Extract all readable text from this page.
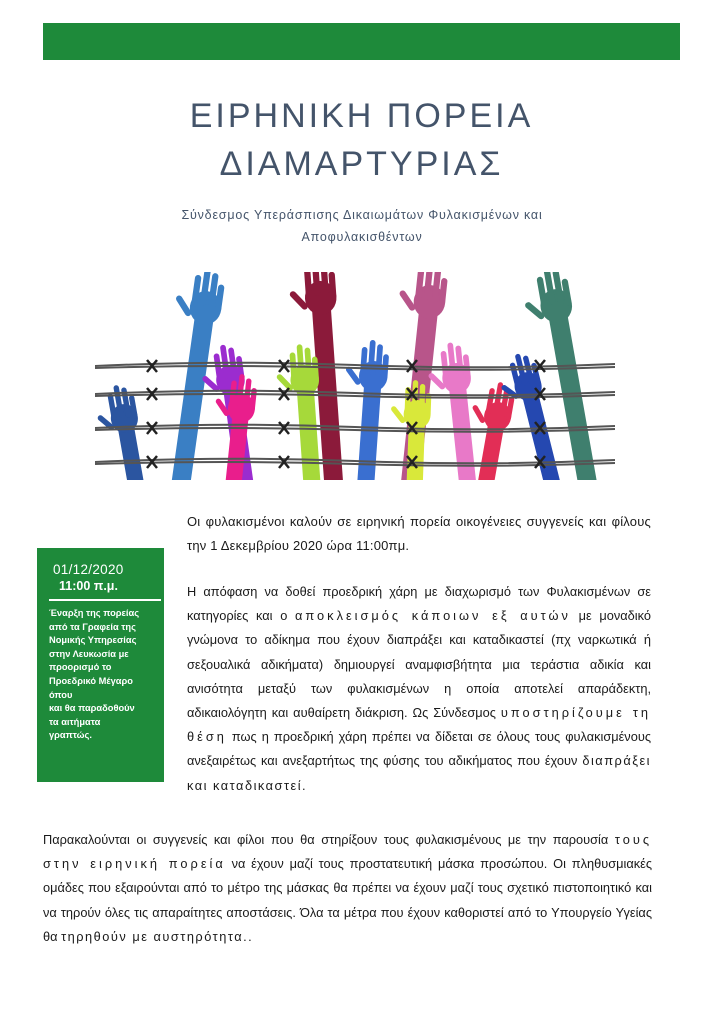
ΕΙΡΗΝΙΚΗ ΠΟΡΕΙΑ
ΔΙΑΜΑΡΤΥΡΙΑΣ
Σύνδεσμος Υπεράσπισης Δικαιωμάτων Φυλακισμένων και
Αποφυλακισθέντων
Οι φυλακισμένοι καλούν σε ειρηνική πορεία οικογένειες συγγενείς και φίλους την 1 Δεκεμβρίου 2020 ώρα 11:00πμ.
01/12/2020
11:00 π.μ.
Έναρξη της πορείας
από τα Γραφεία της
Νομικής Υπηρεσίας
στην Λευκωσία με
προορισμό το
Προεδρικό Μέγαρο
όπου
και θα παραδοθούν
τα αιτήματα
γραπτώς.
Η απόφαση να δοθεί προεδρική χάρη με διαχωρισμό των Φυλακισμένων σε κατηγορίες και ο αποκλεισμός κάποιων εξ αυτών με μοναδικό γνώμονα το αδίκημα που έχουν διαπράξει και καταδικαστεί (πχ ναρκωτικά ή σεξουαλικά αδικήματα) δημιουργεί αναμφισβήτητα μια τεράστια αδικία και ανισότητα μεταξύ των φυλακισμένων η οποία αποτελεί απαράδεκτη, αδικαιολόγητη και αυθαίρετη διάκριση. Ως Σύνδεσμος υποστηρίζουμε τη θέση πως η προεδρική χάρη πρέπει να δίδεται σε όλους τους φυλακισμένους ανεξαιρέτως και ανεξαρτήτως της φύσης του αδικήματος που έχουν διαπράξει και καταδικαστεί.
Παρακαλούνται οι συγγενείς και φίλοι που θα στηρίξουν τους φυλακισμένους με την παρουσία τους στην ειρηνική πορεία να έχουν μαζί τους προστατευτική μάσκα προσώπου. Οι πληθυσμιακές ομάδες που εξαιρούνται από το μέτρο της μάσκας θα πρέπει να έχουν μαζί τους σχετικό πιστοποιητικό και να τηρούν όλες τις απαραίτητες αποστάσεις. Όλα τα μέτρα που έχουν καθοριστεί από το Υπουργείο Υγείας θα τηρηθούν με αυστηρότητα..
